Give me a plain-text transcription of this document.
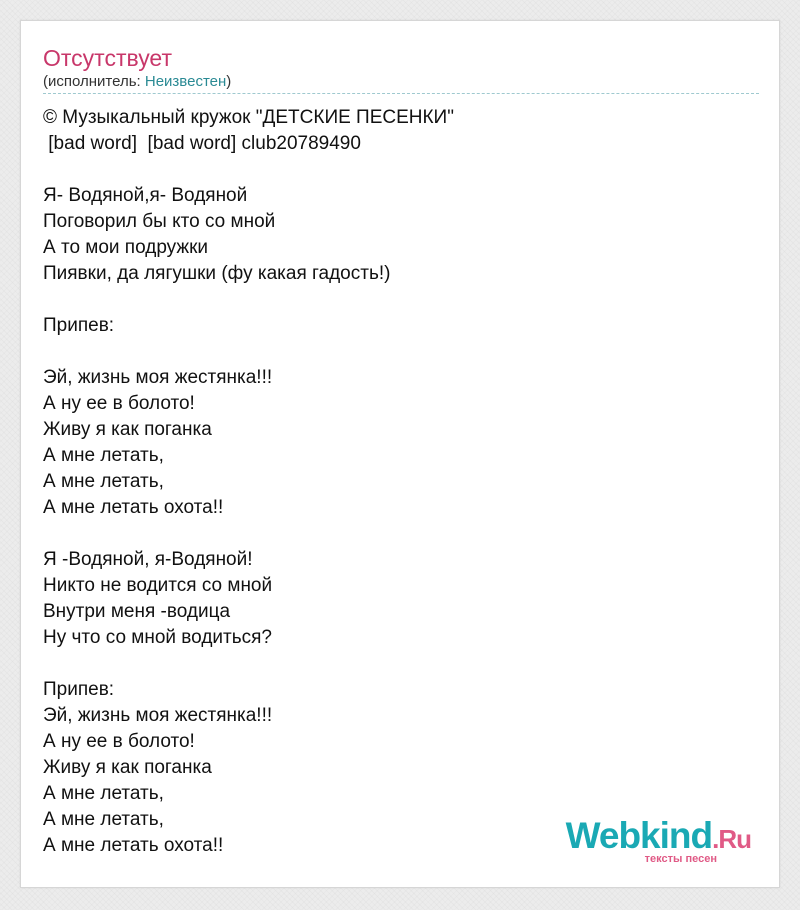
Отсутствует
(исполнитель: Неизвестен)
© Музыкальный кружок "ДЕТСКИЕ ПЕСЕНКИ"
[bad word]  [bad word] club20789490

Я- Водяной,я- Водяной
Поговорил бы кто со мной
А то мои подружки
Пиявки, да лягушки (фу какая гадость!)

Припев:

Эй, жизнь моя жестянка!!!
А ну ее в болото!
Живу я как поганка
А мне летать,
А мне летать,
А мне летать охота!!

Я -Водяной, я-Водяной!
Никто не водится со мной
Внутри меня -водица
Ну что со мной водиться?

Припев:
Эй, жизнь моя жестянка!!!
А ну ее в болото!
Живу я как поганка
А мне летать,
А мне летать,
А мне летать охота!!	Webkind.Ru
тексты песен
